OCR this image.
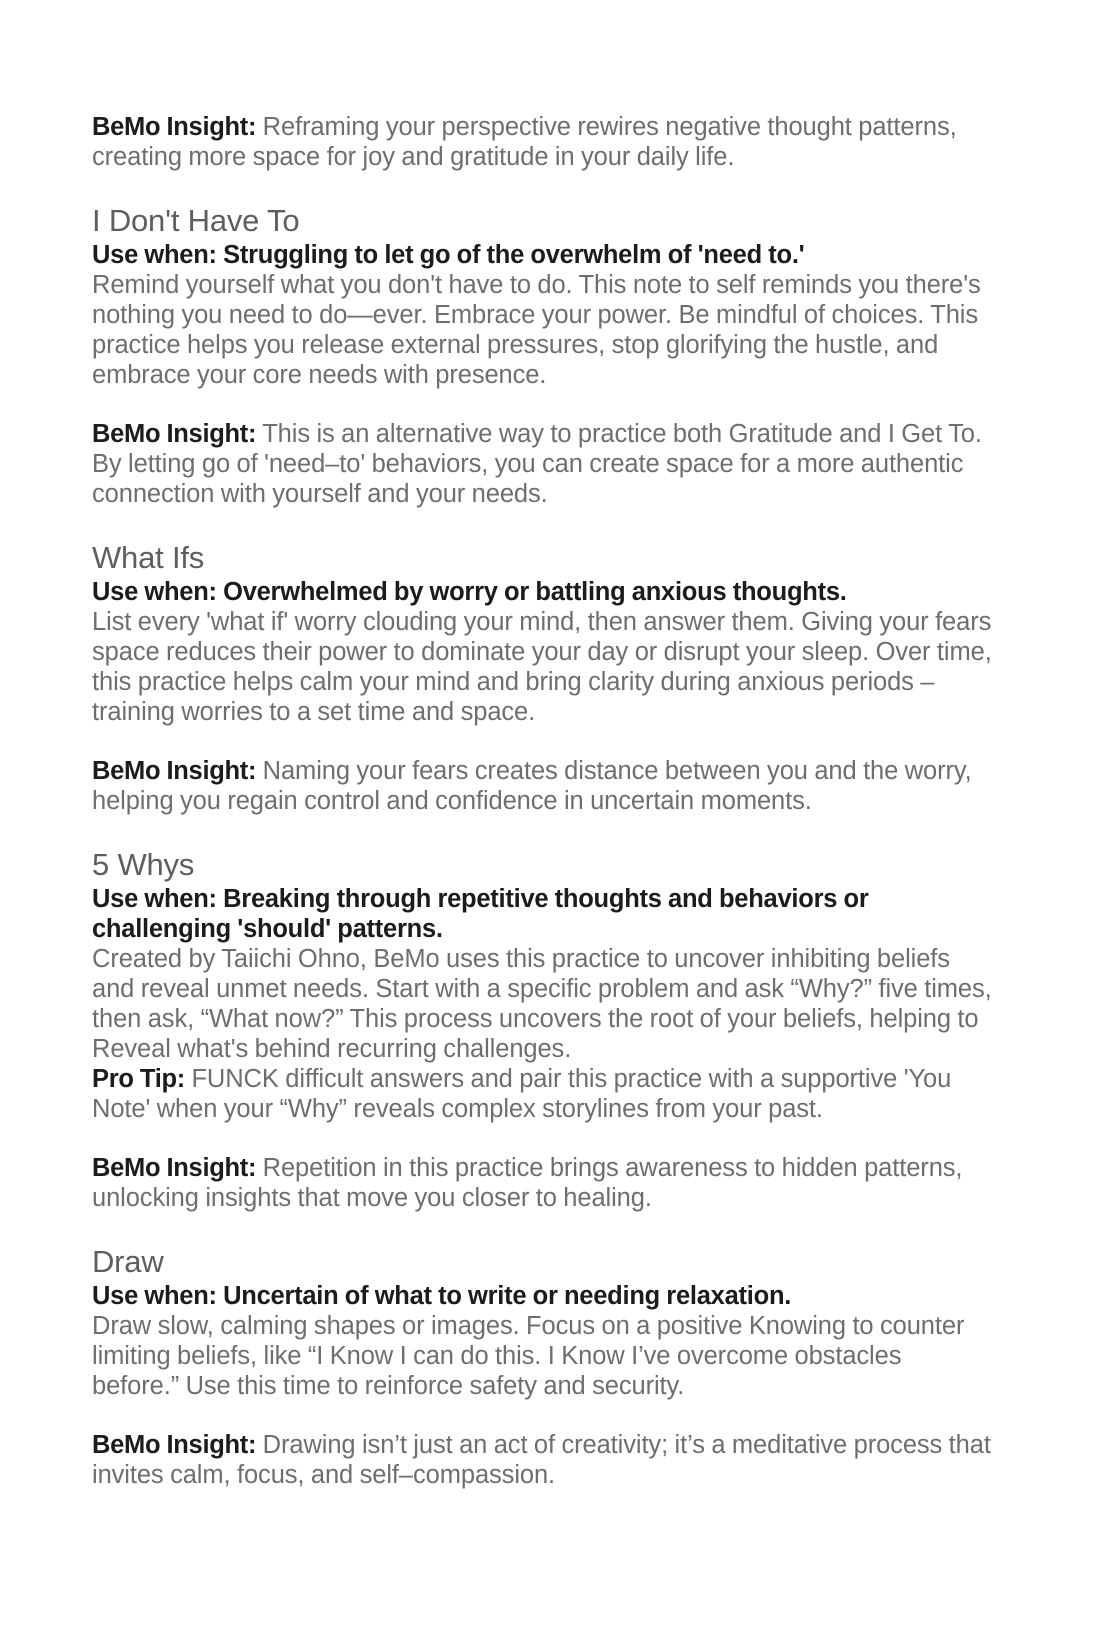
BeMo Insight: Reframing your perspective rewires negative thought patterns, creating more space for joy and gratitude in your daily life.

I Don't Have To

Use when: Struggling to let go of the overwhelm of 'need to.'

Remind yourself what you don't have to do. This note to self reminds you there's nothing you need to do—ever. Embrace your power. Be mindful of choices. This practice helps you release external pressures, stop glorifying the hustle, and embrace your core needs with presence.

BeMo Insight: This is an alternative way to practice both Gratitude and I Get To. By letting go of 'need–to' behaviors, you can create space for a more authentic connection with yourself and your needs.

What Ifs

Use when: Overwhelmed by worry or battling anxious thoughts.

List every 'what if' worry clouding your mind, then answer them. Giving your fears space reduces their power to dominate your day or disrupt your sleep. Over time, this practice helps calm your mind and bring clarity during anxious periods – training worries to a set time and space.

BeMo Insight: Naming your fears creates distance between you and the worry, helping you regain control and confidence in uncertain moments.

5 Whys

Use when: Breaking through repetitive thoughts and behaviors or challenging 'should' patterns.

Created by Taiichi Ohno, BeMo uses this practice to uncover inhibiting beliefs and reveal unmet needs. Start with a specific problem and ask “Why?” five times, then ask, “What now?” This process uncovers the root of your beliefs, helping to Reveal what's behind recurring challenges.

Pro Tip: FUNCK difficult answers and pair this practice with a supportive 'You Note' when your “Why” reveals complex storylines from your past.

BeMo Insight: Repetition in this practice brings awareness to hidden patterns, unlocking insights that move you closer to healing.

Draw

Use when: Uncertain of what to write or needing relaxation.

Draw slow, calming shapes or images. Focus on a positive Knowing to counter limiting beliefs, like “I Know I can do this. I Know I’ve overcome obstacles before.” Use this time to reinforce safety and security.

BeMo Insight: Drawing isn’t just an act of creativity; it’s a meditative process that invites calm, focus, and self–compassion.
